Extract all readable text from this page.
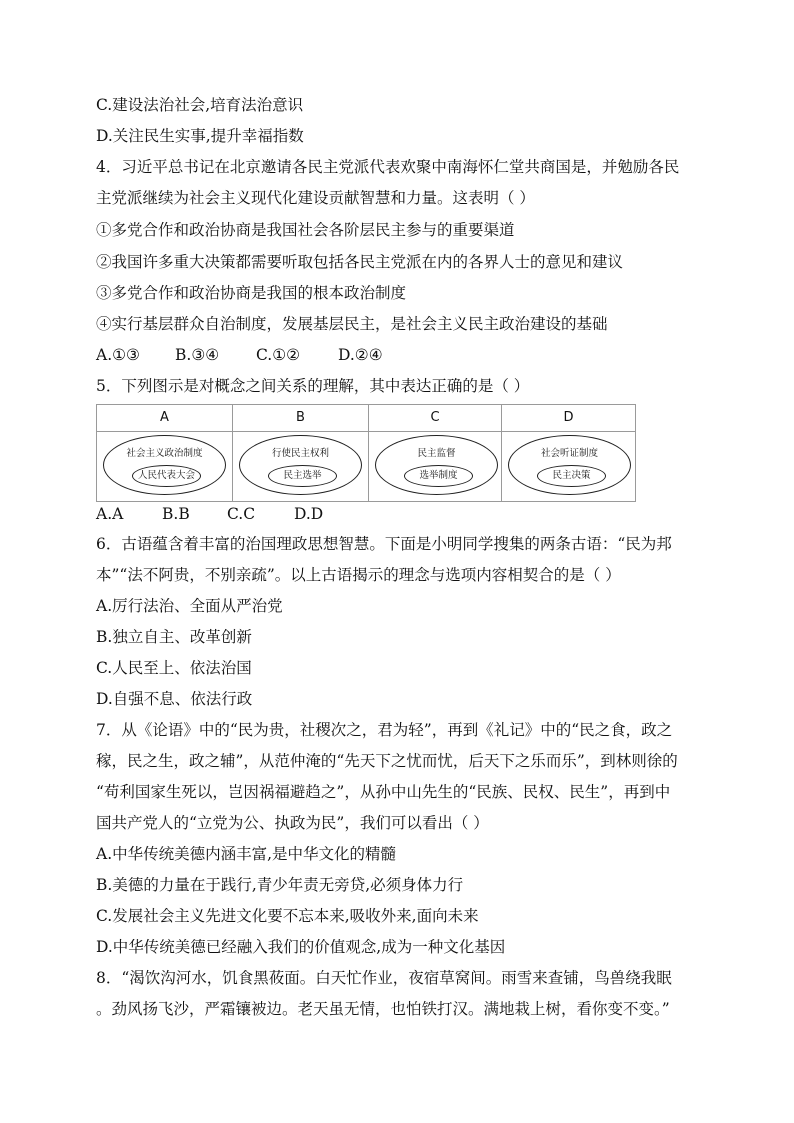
C.建设法治社会,培育法治意识
D.关注民生实事,提升幸福指数
4．习近平总书记在北京邀请各民主党派代表欢聚中南海怀仁堂共商国是，并勉励各民
主党派继续为社会主义现代化建设贡献智慧和力量。这表明（ ）
①多党合作和政治协商是我国社会各阶层民主参与的重要渠道
②我国许多重大决策都需要听取包括各民主党派在内的各界人士的意见和建议
③多党合作和政治协商是我国的根本政治制度
④实行基层群众自治制度，发展基层民主，是社会主义民主政治建设的基础
A.①③ B.③④ C.①② D.②④
5．下列图示是对概念之间关系的理解，其中表达正确的是（ ）
A
社会主义政治制度
人民代表大会
B
行使民主权利
民主选举
C
民主监督
选举制度
D
社会听证制度
民主决策
A.A B.B C.C	D.D
6．古语蕴含着丰富的治国理政思想智慧。下面是小明同学搜集的两条古语：“民为邦
本”“法不阿贵，不别亲疏”。以上古语揭示的理念与选项内容相契合的是（ ）
A.厉行法治、全面从严治党
B.独立自主、改革创新
C.人民至上、依法治国
D.自强不息、依法行政
7．从《论语》中的“民为贵，社稷次之，君为轻”，再到《礼记》中的“民之食，政之
稼，民之生，政之辅”，从范仲淹的“先天下之忧而忧，后天下之乐而乐”，到林则徐的
“苟利国家生死以，岂因祸福避趋之”，从孙中山先生的“民族、民权、民生”，再到中
国共产党人的“立党为公、执政为民”，我们可以看出（ ）
A.中华传统美德内涵丰富,是中华文化的精髓
B.美德的力量在于践行,青少年责无旁贷,必须身体力行
C.发展社会主义先进文化要不忘本来,吸收外来,面向未来
D.中华传统美德已经融入我们的价值观念,成为一种文化基因
8．“渴饮沟河水，饥食黑莜面。白天忙作业，夜宿草窝间。雨雪来查铺，鸟兽绕我眠
。劲风扬飞沙，严霜镶被边。老天虽无情，也怕铁打汉。满地栽上树，看你变不变。”
